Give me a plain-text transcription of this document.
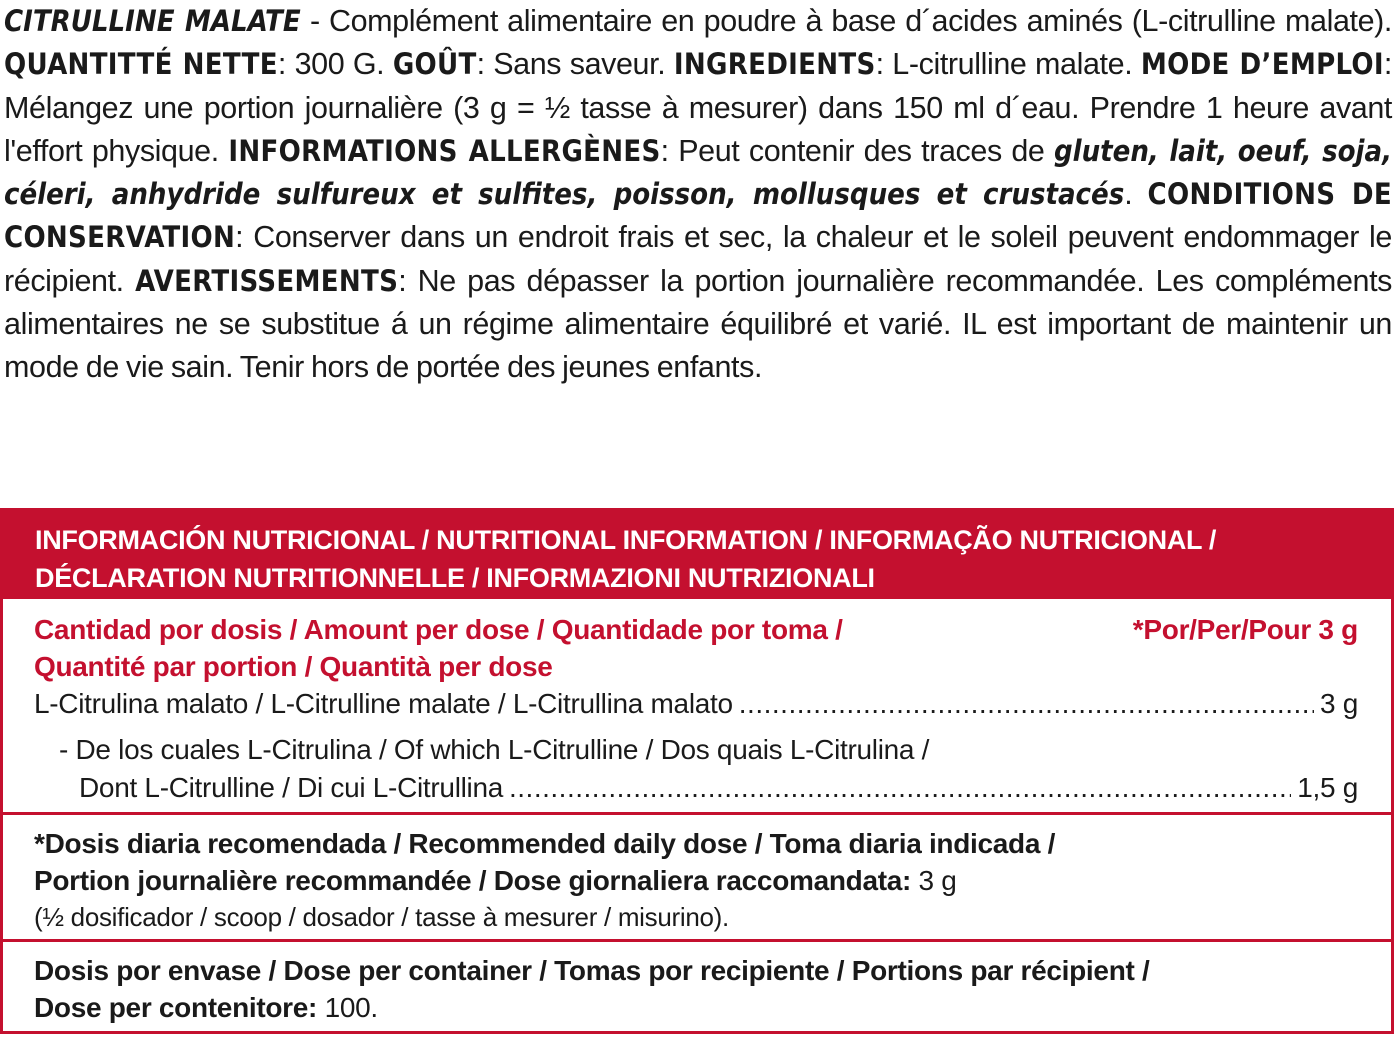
CITRULLINE MALATE - Complément alimentaire en poudre à base d´acides aminés (L-citrulline malate). QUANTITTÉ NETTE: 300 G. GOÛT: Sans saveur. INGREDIENTS: L-citrulline malate. MODE D’EMPLOI: Mélangez une portion journalière (3 g = ½ tasse à mesurer) dans 150 ml d´eau. Prendre 1 heure avant l'effort physique. INFORMATIONS ALLERGÈNES: Peut contenir des traces de gluten, lait, oeuf, soja, céleri, anhydride sulfureux et sulfites, poisson, mollusques et crustacés. CONDITIONS DE CONSERVATION: Conserver dans un endroit frais et sec, la chaleur et le soleil peuvent endommager le récipient. AVERTISSEMENTS: Ne pas dépasser la portion journalière recommandée. Les compléments alimentaires ne se substitue á un régime alimentaire équilibré et varié. IL est important de maintenir un mode de vie sain. Tenir hors de portée des jeunes enfants.
INFORMACIÓN NUTRICIONAL / NUTRITIONAL INFORMATION / INFORMAÇÃO NUTRICIONAL /
DÉCLARATION NUTRITIONNELLE / INFORMAZIONI NUTRIZIONALI
Cantidad por dosis / Amount per dose / Quantidade por toma /
Quantité par portion / Quantità per dose
*Por/Per/Pour 3 g
L-Citrulina malato / L-Citrulline malate / L-Citrullina malato .....	3 g
- De los cuales L-Citrulina / Of which L-Citrulline / Dos quais L-Citrulina /
Dont L-Citrulline / Di cui L-Citrullina .....	1,5 g
*Dosis diaria recomendada / Recommended daily dose / Toma diaria indicada /
Portion journalière recommandée / Dose giornaliera raccomandata: 3 g
(½ dosificador / scoop / dosador / tasse à mesurer / misurino).
Dosis por envase / Dose per container / Tomas por recipiente / Portions par récipient /
Dose per contenitore: 100.
